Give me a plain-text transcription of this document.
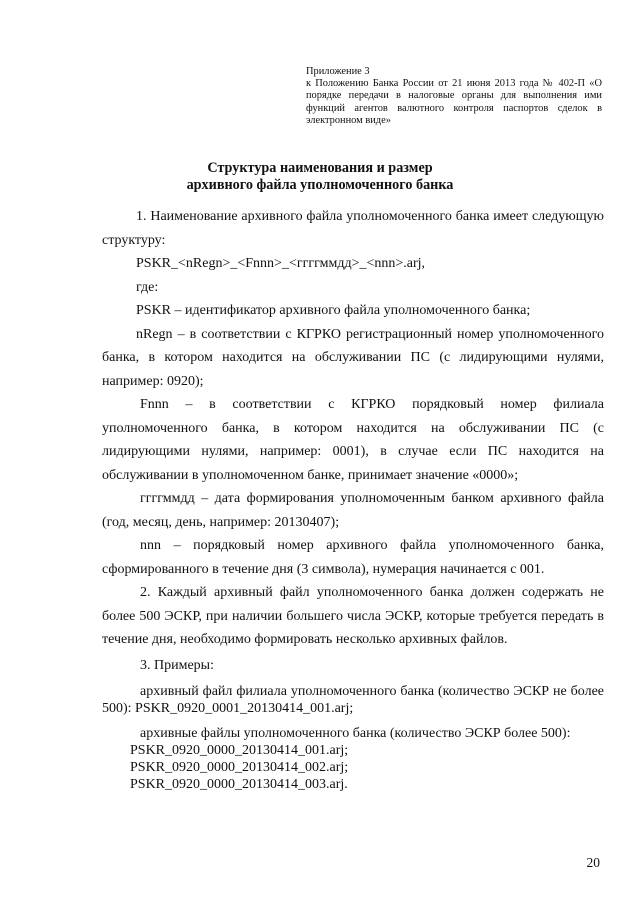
Приложение 3
к Положению Банка России от 21 июня 2013 года № 402-П «О порядке передачи в налоговые органы для выполнения ими функций агентов валютного контроля паспортов сделок в электронном виде»
Структура наименования и размер
архивного файла уполномоченного банка

1. Наименование архивного файла уполномоченного банка имеет следующую структуру:

PSKR_<nRegn>_<Fnnn>_<ггггммдд>_<nnn>.arj,

где:

PSKR – идентификатор архивного файла уполномоченного банка;

nRegn – в соответствии с КГРКО регистрационный номер уполномоченного банка, в котором находится на обслуживании ПС (с лидирующими нулями, например: 0920);

Fnnn – в соответствии с КГРКО порядковый номер филиала уполномоченного банка, в котором находится на обслуживании ПС (с лидирующими нулями, например: 0001), в случае если ПС находится на обслуживании в уполномоченном банке, принимает значение «0000»;

ггггммдд – дата формирования уполномоченным банком архивного файла (год, месяц, день, например: 20130407);

nnn – порядковый номер архивного файла уполномоченного банка, сформированного в течение дня (3 символа), нумерация начинается с 001.

2. Каждый архивный файл уполномоченного банка должен содержать не более 500 ЭСКР, при наличии большего числа ЭСКР, которые требуется передать в течение дня, необходимо формировать несколько архивных файлов.

3. Примеры:

архивный файл филиала уполномоченного банка (количество ЭСКР не более 500): PSKR_0920_0001_20130414_001.arj;

архивные файлы уполномоченного банка (количество ЭСКР более 500):

PSKR_0920_0000_20130414_001.arj;

PSKR_0920_0000_20130414_002.arj;

PSKR_0920_0000_20130414_003.arj.

20
